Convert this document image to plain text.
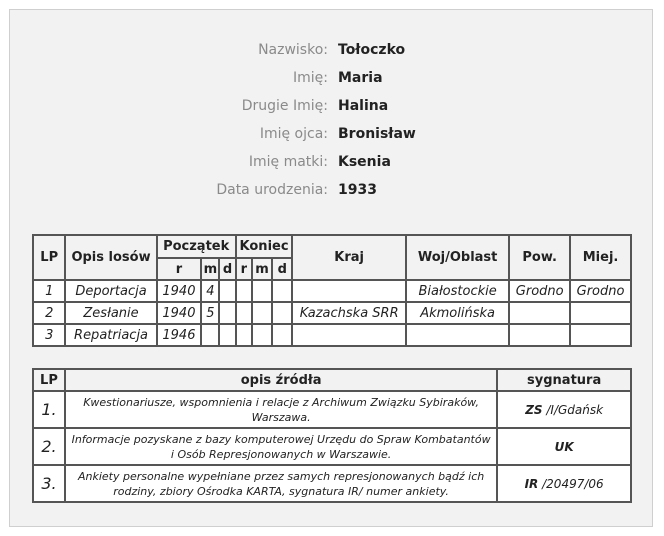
Nazwisko: Tołoczko
Imię: Maria
Drugie Imię: Halina
Imię ojca: Bronisław
Imię matki: Ksenia
Data urodzenia: 1933
LP	Opis losów	Początek			Koniec			Kraj	Woj/Oblast	Pow.	Miej.
		r	m	d	r	m	d				
1	Deportacja	1940	4						Białostockie	Grodno	Grodno
2	Zesłanie	1940	5					Kazachska SRR	Akmolińska		
3	Repatriacja	1946									
LP	opis źródła	sygnatura
1.	Kwestionariusze, wspomnienia i relacje z Archiwum Związku Sybiraków, Warszawa.	ZS /I/Gdańsk
2.	Informacje pozyskane z bazy komputerowej Urzędu do Spraw Kombatantów i Osób Represjonowanych w Warszawie.	UK
3.	Ankiety personalne wypełniane przez samych represjonowanych bądź ich rodziny, zbiory Ośrodka KARTA, sygnatura IR/ numer ankiety.	IR /20497/06
